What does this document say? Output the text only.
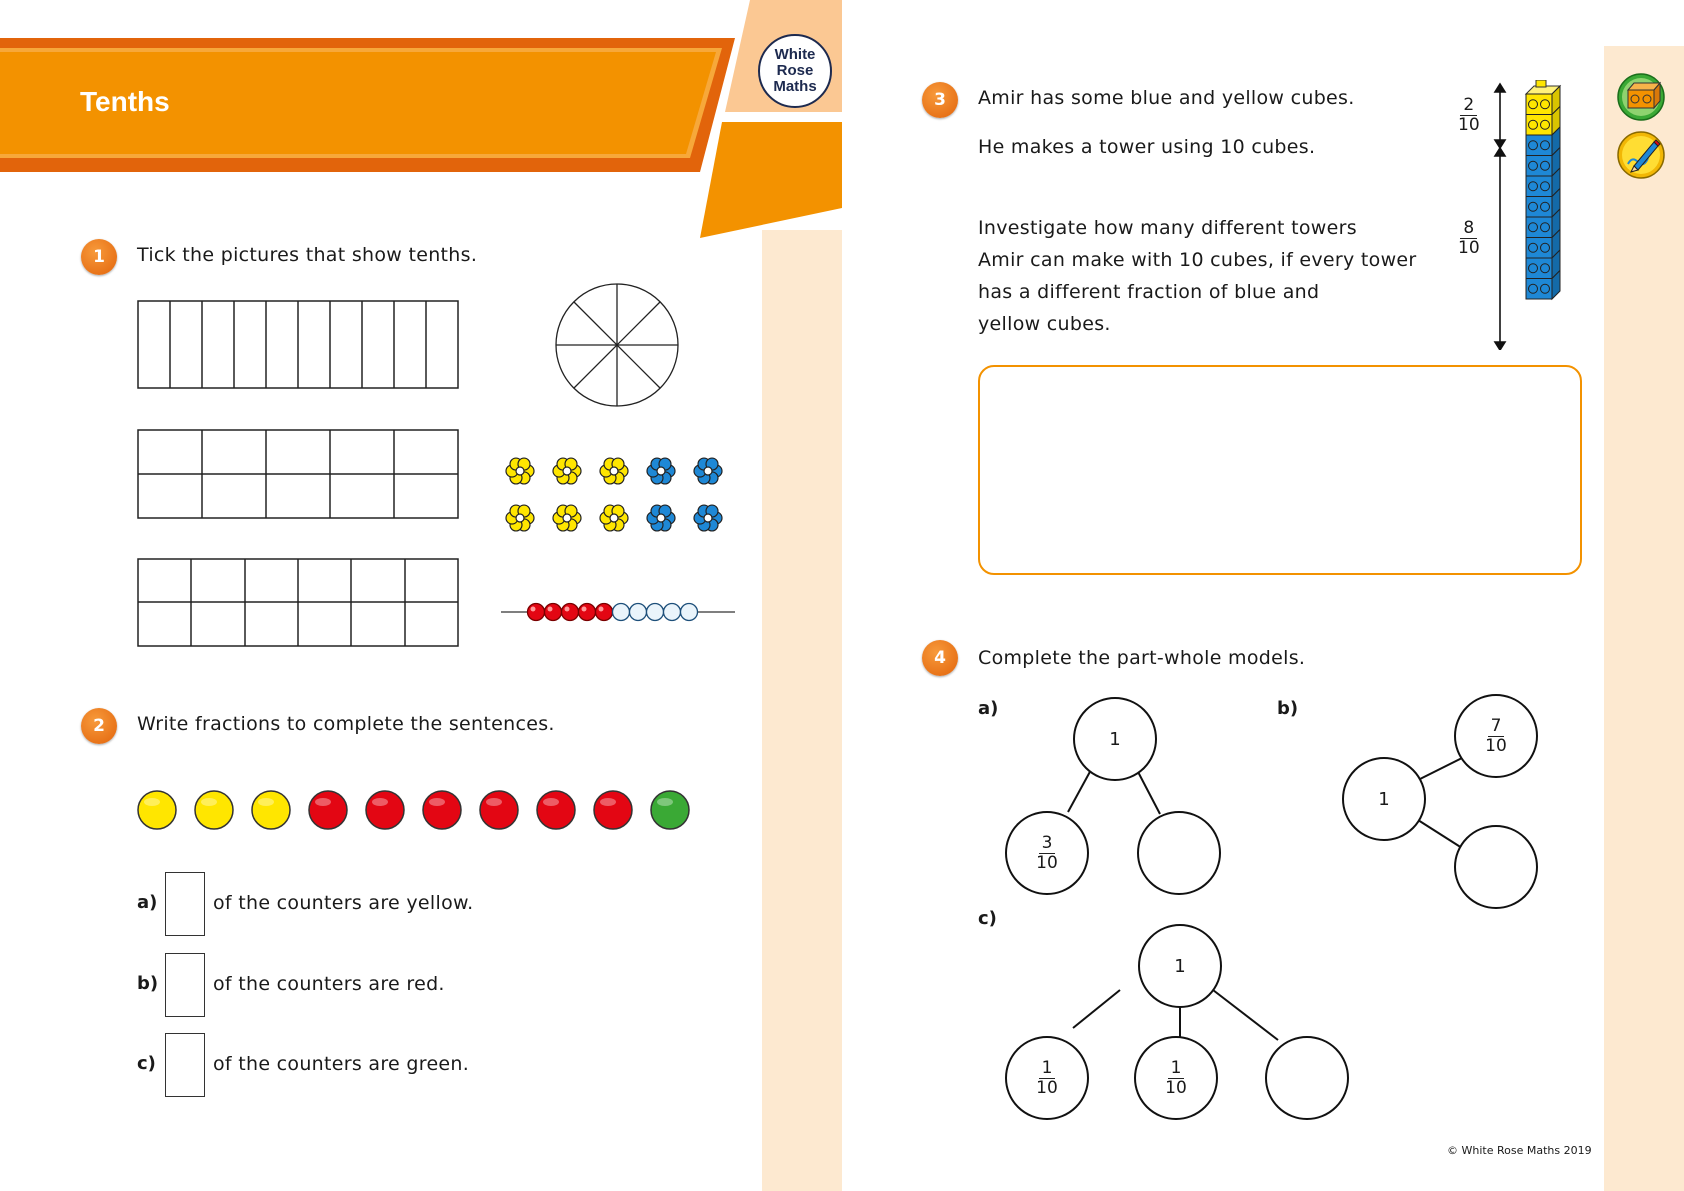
Tenths
White
Rose
Maths
1	Tick the pictures that show tenths.
2	Write fractions to complete the sentences.
a)	of the counters are yellow.
b)	of the counters are red.
c)	of the counters are green.
3	Amir has some blue and yellow cubes.
He makes a tower using 10 cubes.
Investigate how many different towers
Amir can make with 10 cubes, if every tower
has a different fraction of blue and
yellow cubes.
$\frac{2}{10}$
$\frac{8}{10}$
4	Complete the part-whole models.
a)
1
$\frac{3}{10}$
b)
1
$\frac{7}{10}$
c)
1
$\frac{1}{10}$	$\frac{1}{10}$
© White Rose Maths 2019
